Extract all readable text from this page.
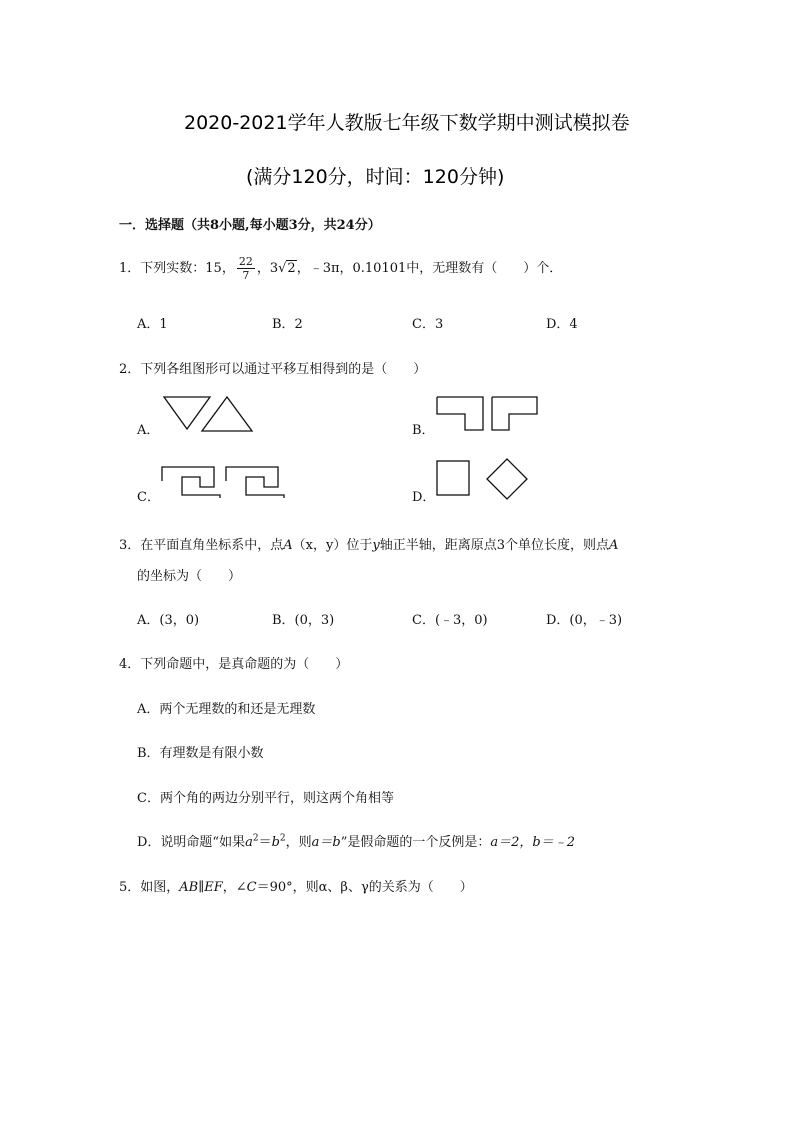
2020-2021学年人教版七年级下数学期中测试模拟卷
(满分120分，时间：120分钟)
一．选择题（共8小题,每小题3分，共24分）
1．下列实数：15， $\frac{22}{7}$ ，3√2，﹣3π，0.10101中，无理数有（　　）个．
A．1	B．2	C．3	D．4
2．下列各组图形可以通过平移互相得到的是（　　）
A．	B．
C．	D．
3．在平面直角坐标系中，点A（x，y）位于y轴正半轴，距离原点3个单位长度，则点A
的坐标为（　　）
A．(3，0)	B．(0，3)	C．(﹣3，0)	D．(0，﹣3)
4．下列命题中，是真命题的为（　　）
A．两个无理数的和还是无理数
B．有理数是有限小数
C．两个角的两边分别平行，则这两个角相等
D．说明命题“如果$a^2=b^2$，则a＝b”是假命题的一个反例是：a＝2，b＝﹣2
5．如图，AB∥EF，∠C＝90°，则α、β、γ的关系为（　　）
